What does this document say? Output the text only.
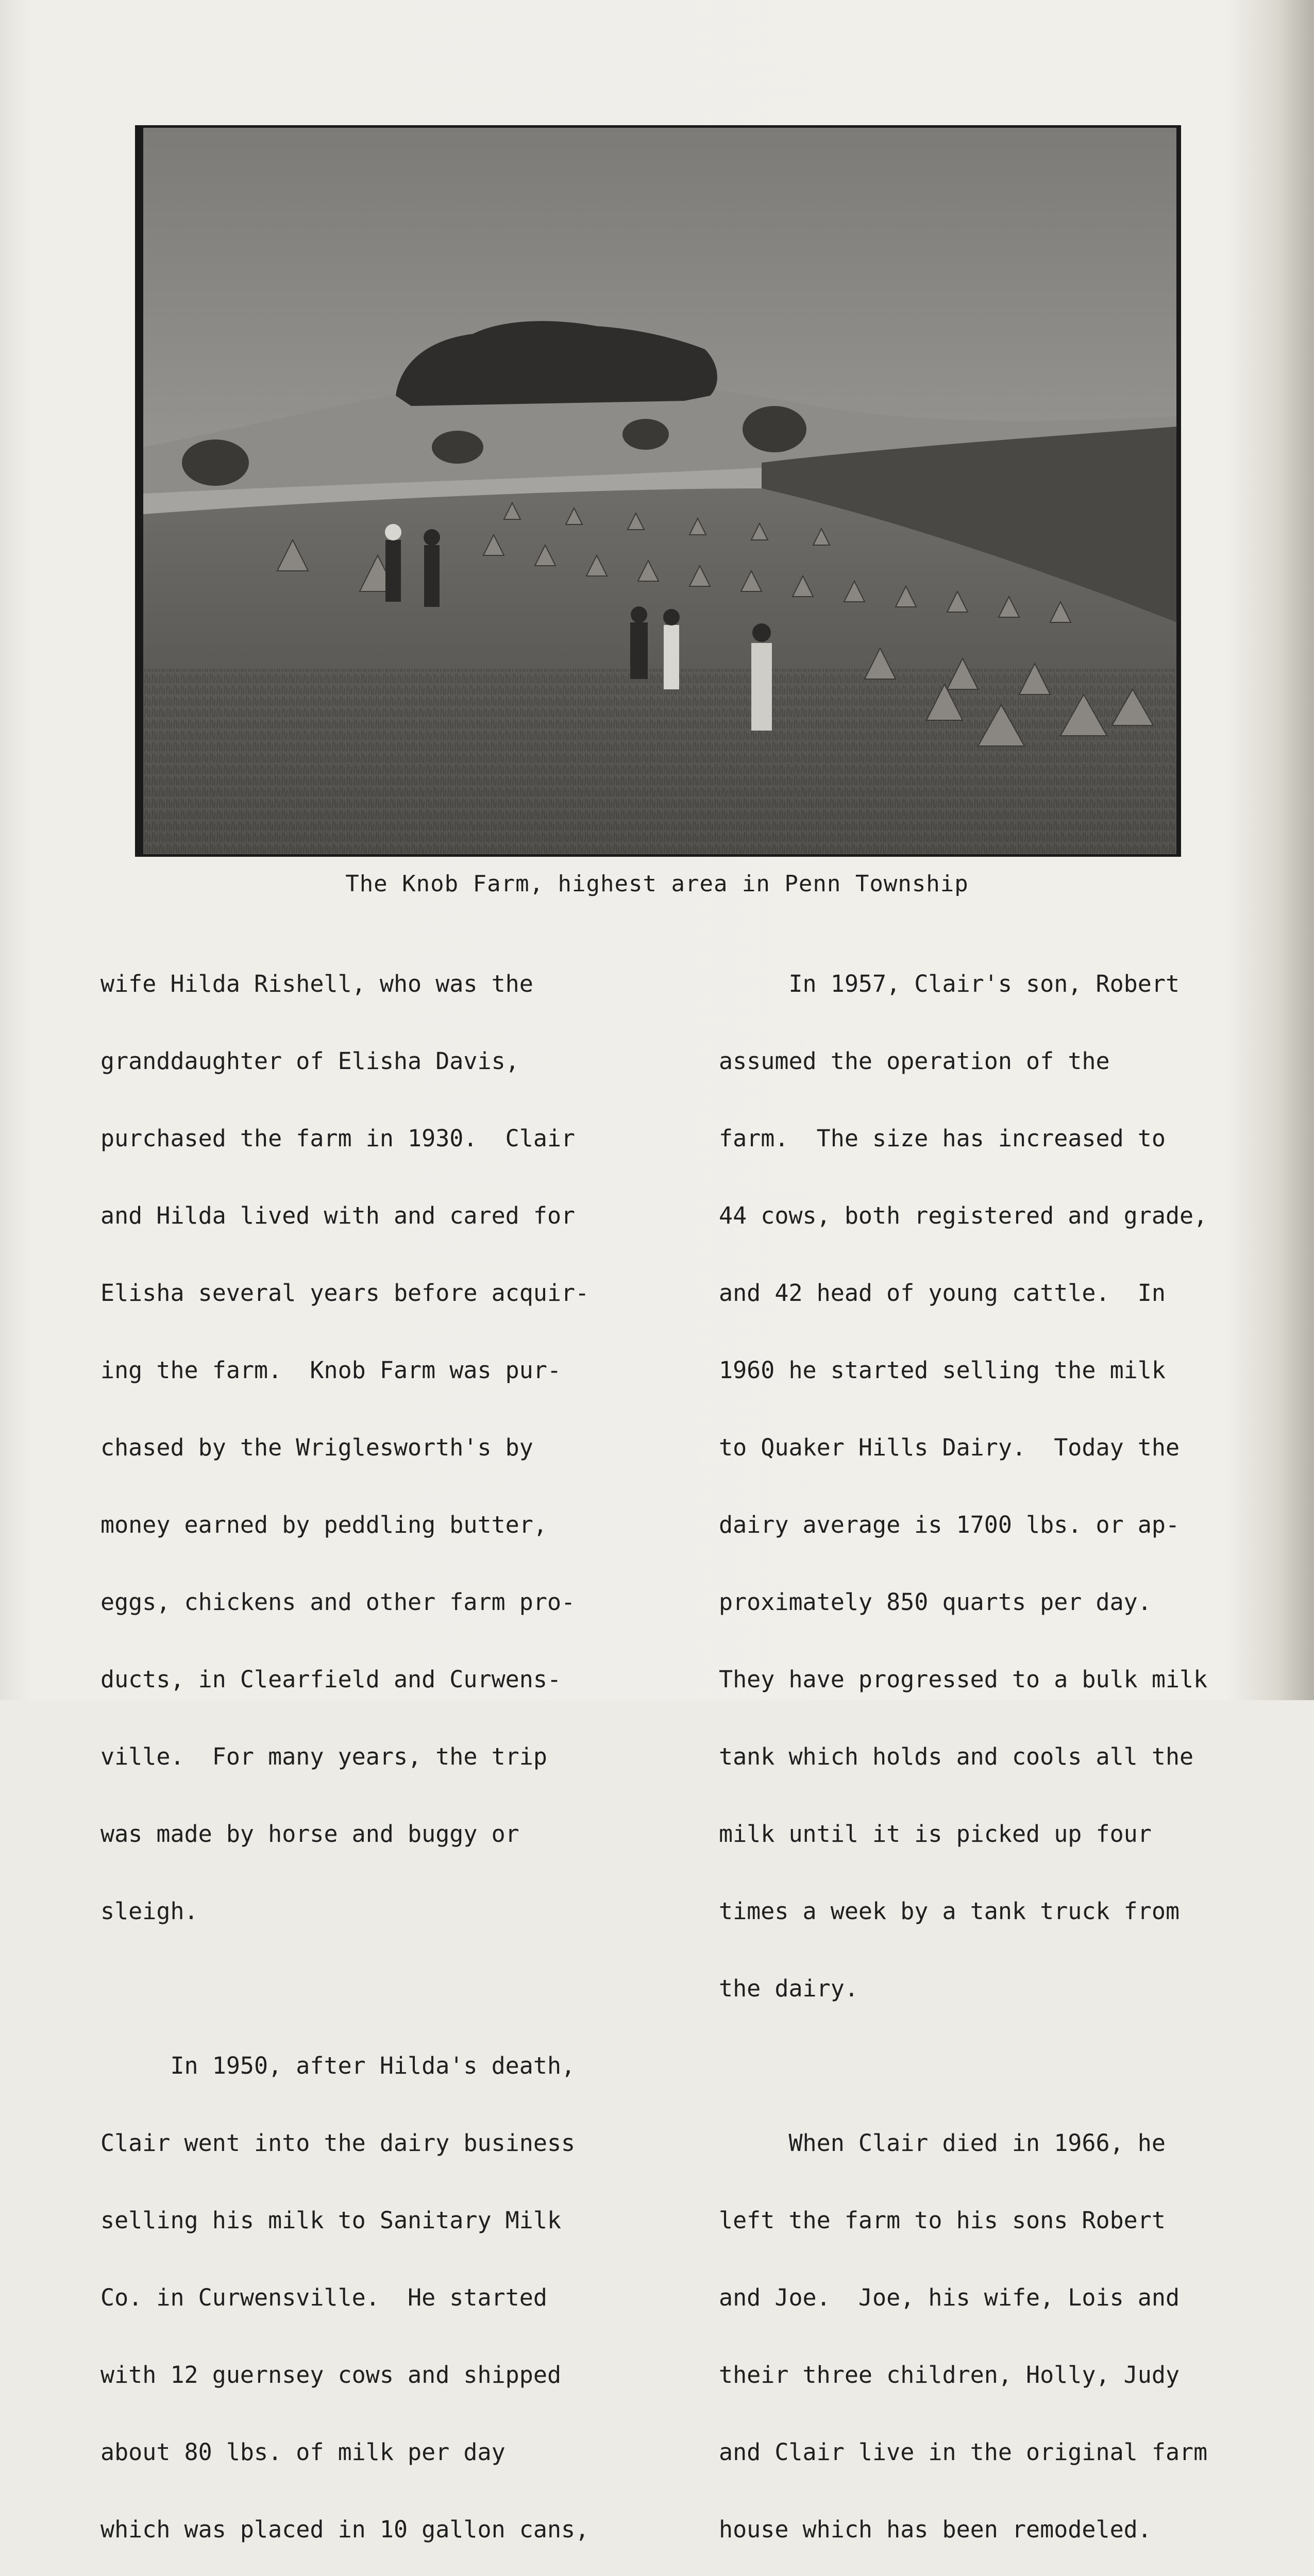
The Knob Farm, highest area in Penn Township

wife Hilda Rishell, who was the

granddaughter of Elisha Davis,

purchased the farm in 1930.  Clair

and Hilda lived with and cared for

Elisha several years before acquir-

ing the farm.  Knob Farm was pur-

chased by the Wriglesworth's by

money earned by peddling butter,

eggs, chickens and other farm pro-

ducts, in Clearfield and Curwens-

ville.  For many years, the trip

was made by horse and buggy or

sleigh.

In 1950, after Hilda's death,

Clair went into the dairy business

selling his milk to Sanitary Milk

Co. in Curwensville.  He started

with 12 guernsey cows and shipped

about 80 lbs. of milk per day

which was placed in 10 gallon cans,

In 1957, Clair's son, Robert

assumed the operation of the

farm.  The size has increased to

44 cows, both registered and grade,

and 42 head of young cattle.  In

1960 he started selling the milk

to Quaker Hills Dairy.  Today the

dairy average is 1700 lbs. or ap-

proximately 850 quarts per day.

They have progressed to a bulk milk

tank which holds and cools all the

milk until it is picked up four

times a week by a tank truck from

the dairy.

When Clair died in 1966, he

left the farm to his sons Robert

and Joe.  Joe, his wife, Lois and

their three children, Holly, Judy

and Clair live in the original farm

house which has been remodeled.
